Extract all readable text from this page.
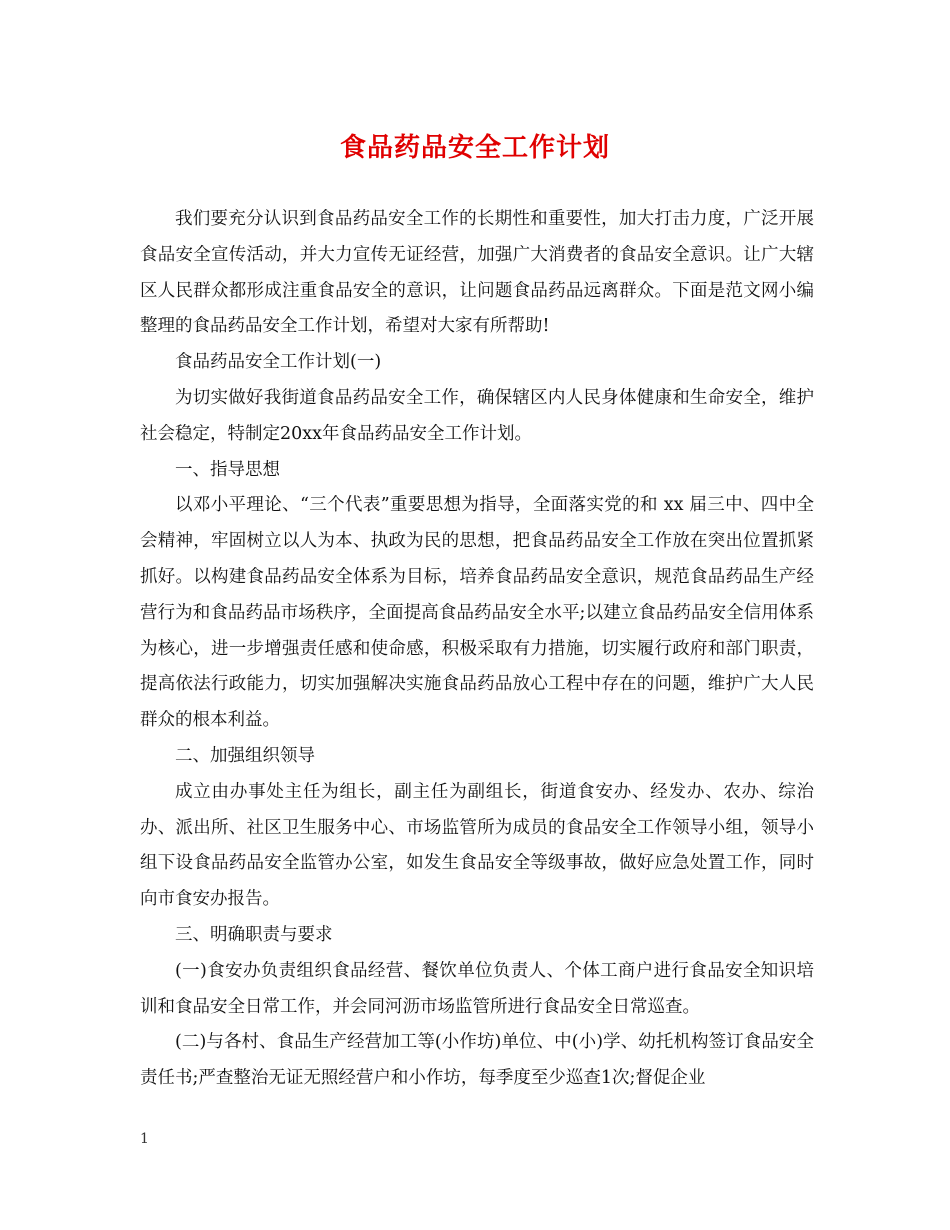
食品药品安全工作计划

我们要充分认识到食品药品安全工作的长期性和重要性，加大打击力度，广泛开展食品安全宣传活动，并大力宣传无证经营，加强广大消费者的食品安全意识。让广大辖区人民群众都形成注重食品安全的意识，让问题食品药品远离群众。下面是范文网小编整理的食品药品安全工作计划，希望对大家有所帮助!

食品药品安全工作计划(一)

为切实做好我街道食品药品安全工作，确保辖区内人民身体健康和生命安全，维护社会稳定，特制定20xx年食品药品安全工作计划。

一、指导思想

以邓小平理论、“三个代表”重要思想为指导，全面落实党的和 xx 届三中、四中全会精神，牢固树立以人为本、执政为民的思想，把食品药品安全工作放在突出位置抓紧抓好。以构建食品药品安全体系为目标，培养食品药品安全意识，规范食品药品生产经营行为和食品药品市场秩序，全面提高食品药品安全水平;以建立食品药品安全信用体系为核心，进一步增强责任感和使命感，积极采取有力措施，切实履行政府和部门职责，提高依法行政能力，切实加强解决实施食品药品放心工程中存在的问题，维护广大人民群众的根本利益。

二、加强组织领导

成立由办事处主任为组长，副主任为副组长，街道食安办、经发办、农办、综治办、派出所、社区卫生服务中心、市场监管所为成员的食品安全工作领导小组，领导小组下设食品药品安全监管办公室，如发生食品安全等级事故，做好应急处置工作，同时向市食安办报告。

三、明确职责与要求

(一)食安办负责组织食品经营、餐饮单位负责人、个体工商户进行食品安全知识培训和食品安全日常工作，并会同河沥市场监管所进行食品安全日常巡查。

(二)与各村、食品生产经营加工等(小作坊)单位、中(小)学、幼托机构签订食品安全责任书;严查整治无证无照经营户和小作坊，每季度至少巡查1次;督促企业

1
